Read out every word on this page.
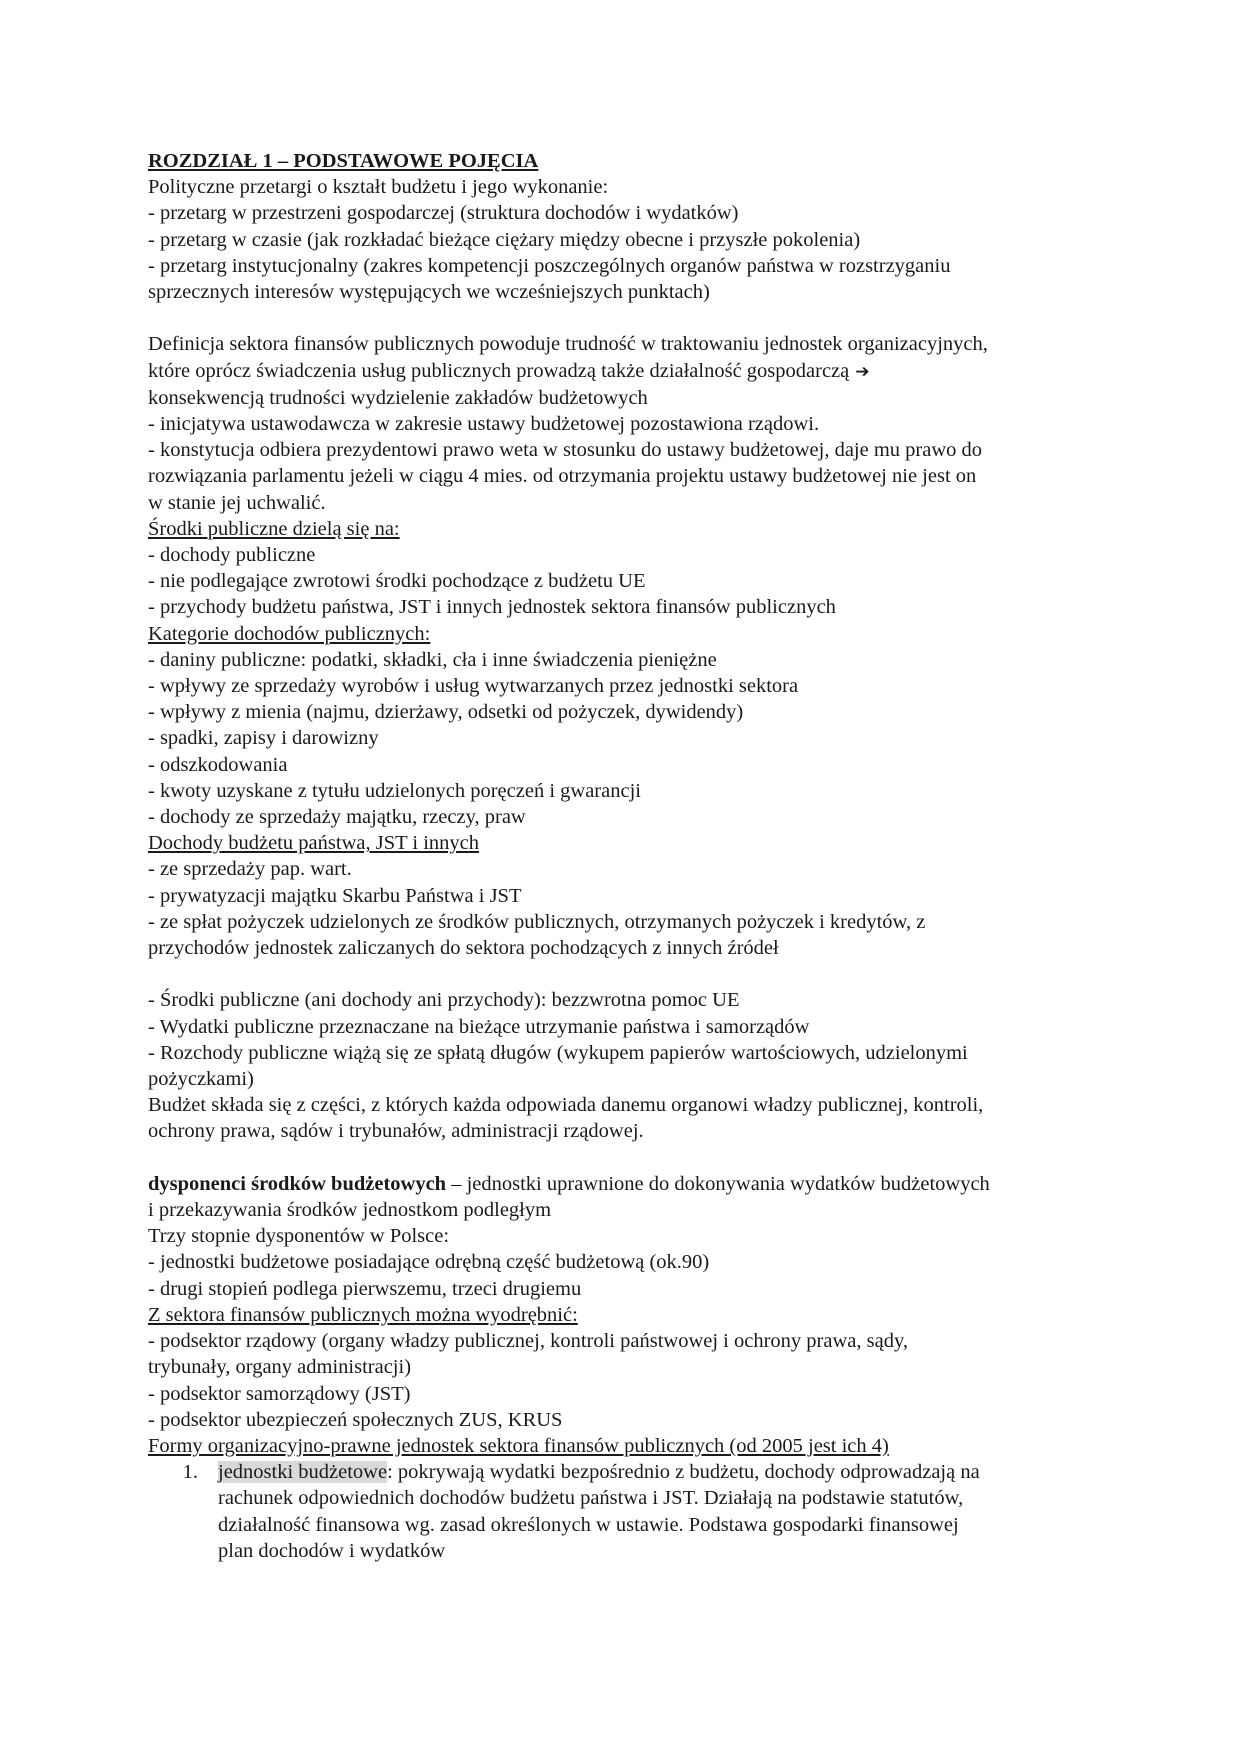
ROZDZIAŁ 1 – PODSTAWOWE POJĘCIA
Polityczne przetargi o kształt budżetu i jego wykonanie:
- przetarg w przestrzeni gospodarczej (struktura dochodów i wydatków)
- przetarg w czasie (jak rozkładać bieżące ciężary między obecne i przyszłe pokolenia)
- przetarg instytucjonalny (zakres kompetencji poszczególnych organów państwa w rozstrzyganiu
sprzecznych interesów występujących we wcześniejszych punktach)
Definicja sektora finansów publicznych powoduje trudność w traktowaniu jednostek organizacyjnych,
które oprócz świadczenia usług publicznych prowadzą także działalność gospodarczą ➔
konsekwencją trudności wydzielenie zakładów budżetowych
- inicjatywa ustawodawcza w zakresie ustawy budżetowej pozostawiona rządowi.
- konstytucja odbiera prezydentowi prawo weta w stosunku do ustawy budżetowej, daje mu prawo do
rozwiązania parlamentu jeżeli w ciągu 4 mies. od otrzymania projektu ustawy budżetowej nie jest on
w stanie jej uchwalić.
Środki publiczne dzielą się na:
- dochody publiczne
- nie podlegające zwrotowi środki pochodzące z budżetu UE
- przychody budżetu państwa, JST i innych jednostek sektora finansów publicznych
Kategorie dochodów publicznych:
- daniny publiczne: podatki, składki, cła i inne świadczenia pieniężne
- wpływy ze sprzedaży wyrobów i usług wytwarzanych przez jednostki sektora
- wpływy z mienia (najmu, dzierżawy, odsetki od pożyczek, dywidendy)
- spadki, zapisy i darowizny
- odszkodowania
- kwoty uzyskane z tytułu udzielonych poręczeń i gwarancji
- dochody ze sprzedaży majątku, rzeczy, praw
Dochody budżetu państwa, JST i innych
- ze sprzedaży pap. wart.
- prywatyzacji majątku Skarbu Państwa i JST
- ze spłat pożyczek udzielonych ze środków publicznych, otrzymanych pożyczek i kredytów, z
przychodów jednostek zaliczanych do sektora pochodzących z innych źródeł
- Środki publiczne (ani dochody ani przychody): bezzwrotna pomoc UE
- Wydatki publiczne przeznaczane na bieżące utrzymanie państwa i samorządów
- Rozchody publiczne wiążą się ze spłatą długów (wykupem papierów wartościowych, udzielonymi
pożyczkami)
Budżet składa się z części, z których każda odpowiada danemu organowi władzy publicznej, kontroli,
ochrony prawa, sądów i trybunałów, administracji rządowej.
dysponenci środków budżetowych – jednostki uprawnione do dokonywania wydatków budżetowych
i przekazywania środków jednostkom podległym
Trzy stopnie dysponentów w Polsce:
- jednostki budżetowe posiadające odrębną część budżetową (ok.90)
- drugi stopień podlega pierwszemu, trzeci drugiemu
Z sektora finansów publicznych można wyodrębnić:
- podsektor rządowy (organy władzy publicznej, kontroli państwowej i ochrony prawa, sądy,
trybunały, organy administracji)
- podsektor samorządowy (JST)
- podsektor ubezpieczeń społecznych ZUS, KRUS
Formy organizacyjno-prawne jednostek sektora finansów publicznych (od 2005 jest ich 4)
1. jednostki budżetowe: pokrywają wydatki bezpośrednio z budżetu, dochody odprowadzają na
rachunek odpowiednich dochodów budżetu państwa i JST. Działają na podstawie statutów,
działalność finansowa wg. zasad określonych w ustawie. Podstawa gospodarki finansowej
plan dochodów i wydatków
